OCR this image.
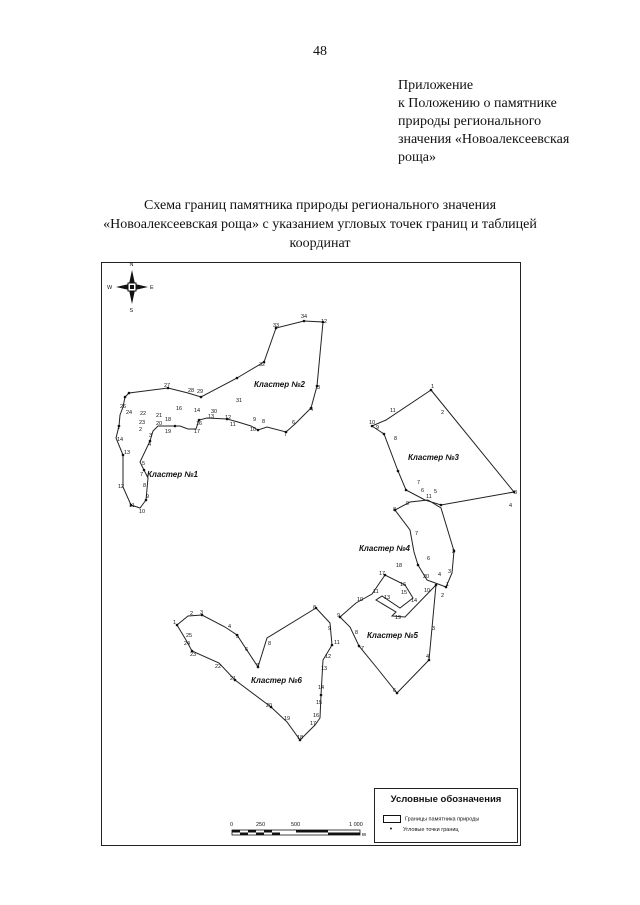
48
Приложение
к Положению о памятнике
природы регионального
значения «Новоалексеевская
роща»
Схема границ памятника природы регионального значения
«Новоалексеевская роща» с указанием угловых точек границ и таблицей
координат
N
S
W	E
Кластер №1
Кластер №2
Кластер №3
Кластер №4
Кластер №5
Кластер №6
26
27
28 29
31
32
33
34
12
3
4
6
7
8
9
10
11
12
13
14 30
16
17
16
18
19
21
20
22
23
2
24
1
14
3
4
13
5
7
8
12
9
11
10
1
2
3
4
5
6
7
8
9
10
11
11
9
8
7
6
2
3
4
20
1
18
17
16
15
14
13
11
10
19
10
2
3
4
6
7
8
9
8
9
11
12
13
14
15
16
17
18
19
20
21
22
23
24
25
1
2 3
4
5
6
7
8
0	250	500	1 000
м
Условные обозначения
Границы памятника природы
• Угловые точки границ
